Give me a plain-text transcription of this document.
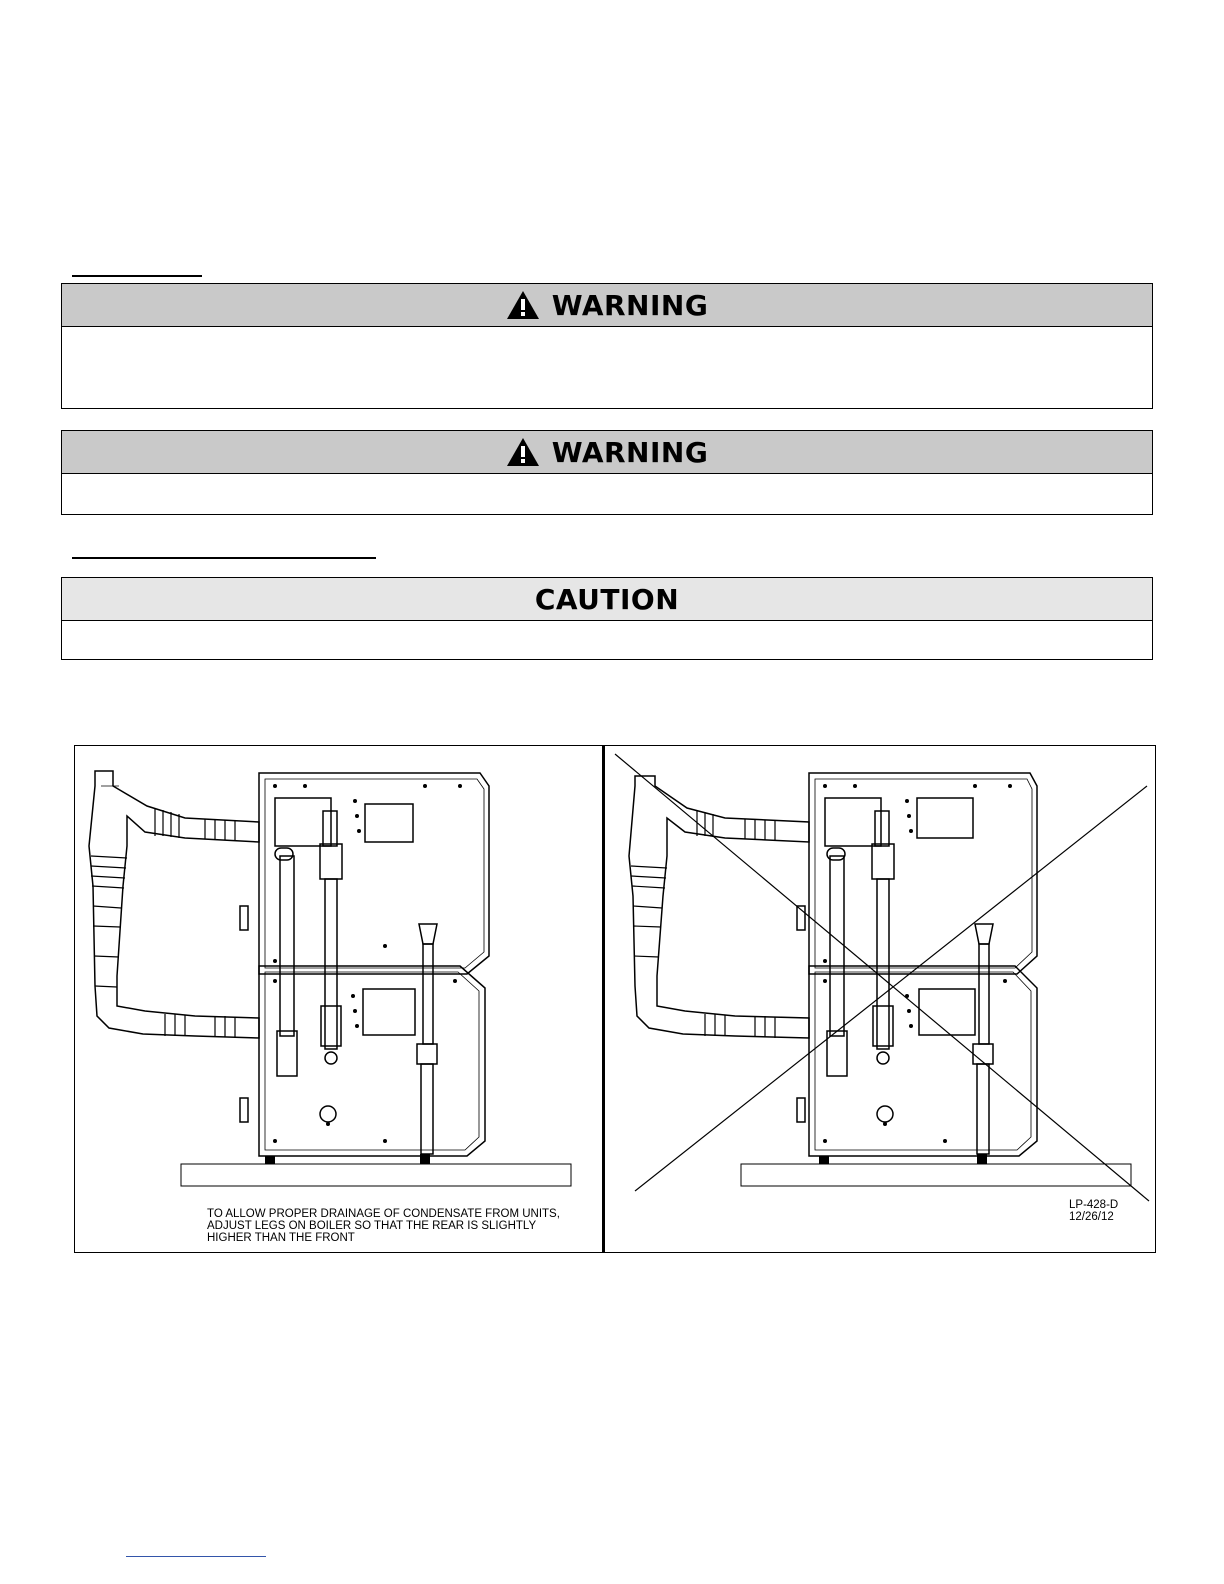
WARNING
WARNING
CAUTION
TO ALLOW PROPER DRAINAGE OF CONDENSATE FROM UNITS,
ADJUST LEGS ON BOILER SO THAT THE REAR IS SLIGHTLY
HIGHER THAN THE FRONT
LP-428-D
12/26/12
